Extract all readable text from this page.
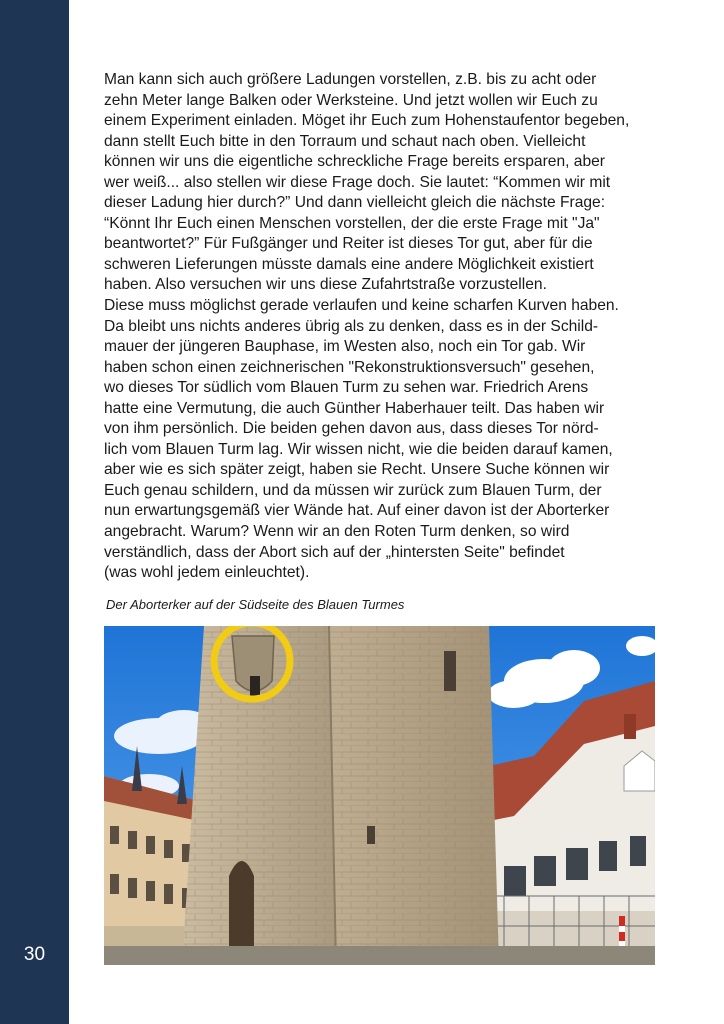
30
Man kann sich auch größere Ladungen vorstellen, z.B. bis zu acht oder
zehn Meter lange Balken oder Werksteine. Und jetzt wollen wir Euch zu
einem Experiment einladen. Möget ihr Euch zum Hohenstaufentor begeben,
dann stellt Euch bitte in den Torraum und schaut nach oben. Vielleicht
können wir uns die eigentliche schreckliche Frage bereits ersparen, aber
wer weiß... also stellen wir diese Frage doch. Sie lautet: “Kommen wir mit
dieser Ladung hier durch?” Und dann vielleicht gleich die nächste Frage:
“Könnt Ihr Euch einen Menschen vorstellen, der die erste Frage mit "Ja"
beantwortet?” Für Fußgänger und Reiter ist dieses Tor gut, aber für die
schweren Lieferungen müsste damals eine andere Möglichkeit existiert
haben. Also versuchen wir uns diese Zufahrtstraße vorzustellen.
Diese muss möglichst gerade verlaufen und keine scharfen Kurven haben.
Da bleibt uns nichts anderes übrig als zu denken, dass es in der Schild-
mauer der jüngeren Bauphase, im Westen also, noch ein Tor gab. Wir
haben schon einen zeichnerischen "Rekonstruktionsversuch" gesehen,
wo dieses Tor südlich vom Blauen Turm zu sehen war. Friedrich Arens
hatte eine Vermutung, die auch Günther Haberhauer teilt. Das haben wir
von ihm persönlich. Die beiden gehen davon aus, dass dieses Tor nörd-
lich vom Blauen Turm lag. Wir wissen nicht, wie die beiden darauf kamen,
aber wie es sich später zeigt, haben sie Recht. Unsere Suche können wir
Euch genau schildern, und da müssen wir zurück zum Blauen Turm, der
nun erwartungsgemäß vier Wände hat. Auf einer davon ist der Aborterker
angebracht. Warum? Wenn wir an den Roten Turm denken, so wird
verständlich, dass der Abort sich auf der „hintersten Seite" befindet
(was wohl jedem einleuchtet).
Der Aborterker auf der Südseite des Blauen Turmes
